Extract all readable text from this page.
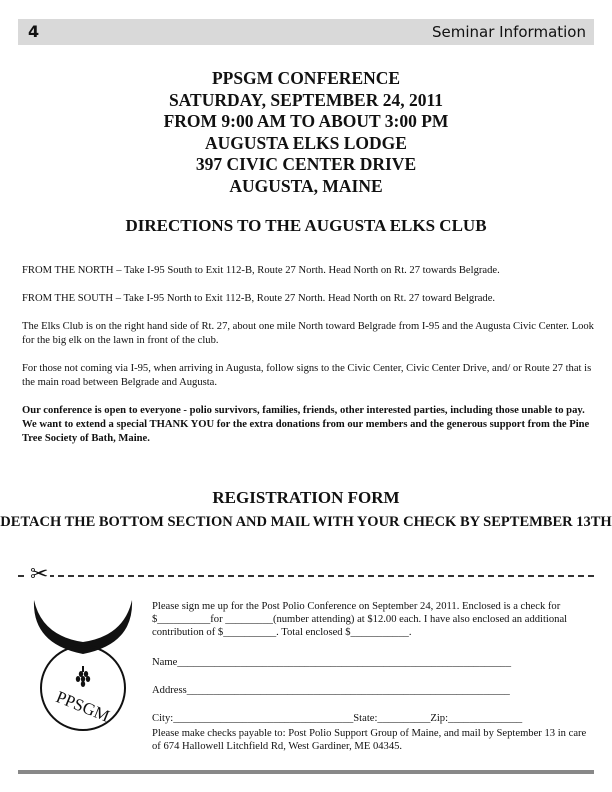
4	Seminar Information
PPSGM CONFERENCE
SATURDAY, SEPTEMBER 24, 2011
FROM 9:00 AM TO ABOUT 3:00 PM
AUGUSTA ELKS LODGE
397 CIVIC CENTER DRIVE
AUGUSTA, MAINE
DIRECTIONS TO THE AUGUSTA ELKS CLUB
FROM THE NORTH – Take I-95 South to Exit 112-B, Route 27 North. Head North on Rt. 27 towards Belgrade.
FROM THE SOUTH – Take I-95 North to Exit 112-B, Route 27 North. Head North on Rt. 27 toward Belgrade.
The Elks Club is on the right hand side of Rt. 27, about one mile North toward Belgrade from I-95 and the Augusta Civic Center. Look for the big elk on the lawn in front of the club.
For those not coming via I-95, when arriving in Augusta, follow signs to the Civic Center, Civic Center Drive, and/ or Route 27 that is the main road between Belgrade and Augusta.
Our conference is open to everyone - polio survivors, families, friends, other interested parties, including those unable to pay. We want to extend a special THANK YOU for the extra donations from our members and the generous support from the Pine Tree Society of Bath, Maine.
REGISTRATION FORM
DETACH THE BOTTOM SECTION AND MAIL WITH YOUR CHECK BY SEPTEMBER 13TH
✂
PPSGM
Please sign me up for the Post Polio Conference on September 24, 2011. Enclosed is a check for $__________for _________(number attending) at $12.00 each. I have also enclosed an additional contribution of $__________. Total enclosed $___________.
Name_______________________________________________________________
Address_____________________________________________________________
City:__________________________________State:__________Zip:______________
Please make checks payable to: Post Polio Support Group of Maine, and mail by September 13 in care of 674 Hallowell Litchfield Rd, West Gardiner, ME 04345.
